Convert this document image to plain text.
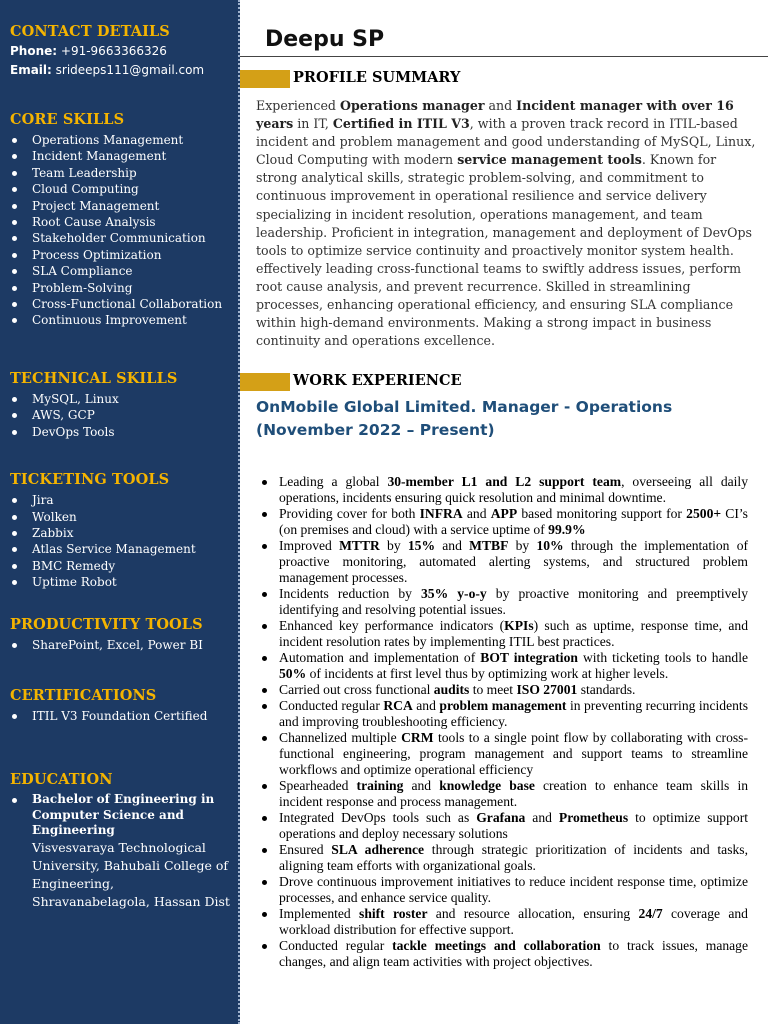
CONTACT DETAILS
Phone: +91-9663366326
Email: srideeps111@gmail.com
CORE SKILLS
Operations Management
Incident Management
Team Leadership
Cloud Computing
Project Management
Root Cause Analysis
Stakeholder Communication
Process Optimization
SLA Compliance
Problem-Solving
Cross-Functional Collaboration
Continuous Improvement
TECHNICAL SKILLS
MySQL, Linux
AWS, GCP
DevOps Tools
TICKETING TOOLS
Jira
Wolken
Zabbix
Atlas Service Management
BMC Remedy
Uptime Robot
PRODUCTIVITY TOOLS
SharePoint, Excel, Power BI
CERTIFICATIONS
ITIL V3 Foundation Certified
EDUCATION
Bachelor of Engineering in Computer Science and Engineering
Visvesvaraya Technological University, Bahubali College of Engineering, Shravanabelagola, Hassan Dist
Deepu SP
PROFILE SUMMARY

Experienced Operations manager and Incident manager with over 16 years in IT, Certified in ITIL V3, with a proven track record in ITIL-based incident and problem management and good understanding of MySQL, Linux, Cloud Computing with modern service management tools. Known for strong analytical skills, strategic problem-solving, and commitment to continuous improvement in operational resilience and service delivery specializing in incident resolution, operations management, and team leadership. Proficient in integration, management and deployment of DevOps tools to optimize service continuity and proactively monitor system health. effectively leading cross-functional teams to swiftly address issues, perform root cause analysis, and prevent recurrence. Skilled in streamlining processes, enhancing operational efficiency, and ensuring SLA compliance within high-demand environments. Making a strong impact in business continuity and operations excellence.

WORK EXPERIENCE
OnMobile Global Limited. Manager - Operations (November 2022 – Present)
Leading a global 30-member L1 and L2 support team, overseeing all daily operations, incidents ensuring quick resolution and minimal downtime.
Providing cover for both INFRA and APP based monitoring support for 2500+ CI’s (on premises and cloud) with a service uptime of 99.9%
Improved MTTR by 15% and MTBF by 10% through the implementation of proactive monitoring, automated alerting systems, and structured problem management processes.
Incidents reduction by 35% y-o-y by proactive monitoring and preemptively identifying and resolving potential issues.
Enhanced key performance indicators (KPIs) such as uptime, response time, and incident resolution rates by implementing ITIL best practices.
Automation and implementation of BOT integration with ticketing tools to handle 50% of incidents at first level thus by optimizing work at higher levels.
Carried out cross functional audits to meet ISO 27001 standards.
Conducted regular RCA and problem management in preventing recurring incidents and improving troubleshooting efficiency.
Channelized multiple CRM tools to a single point flow by collaborating with cross-functional engineering, program management and support teams to streamline workflows and optimize operational efficiency
Spearheaded training and knowledge base creation to enhance team skills in incident response and process management.
Integrated DevOps tools such as Grafana and Prometheus to optimize support operations and deploy necessary solutions
Ensured SLA adherence through strategic prioritization of incidents and tasks, aligning team efforts with organizational goals.
Drove continuous improvement initiatives to reduce incident response time, optimize processes, and enhance service quality.
Implemented shift roster and resource allocation, ensuring 24/7 coverage and workload distribution for effective support.
Conducted regular tackle meetings and collaboration to track issues, manage changes, and align team activities with project objectives.
